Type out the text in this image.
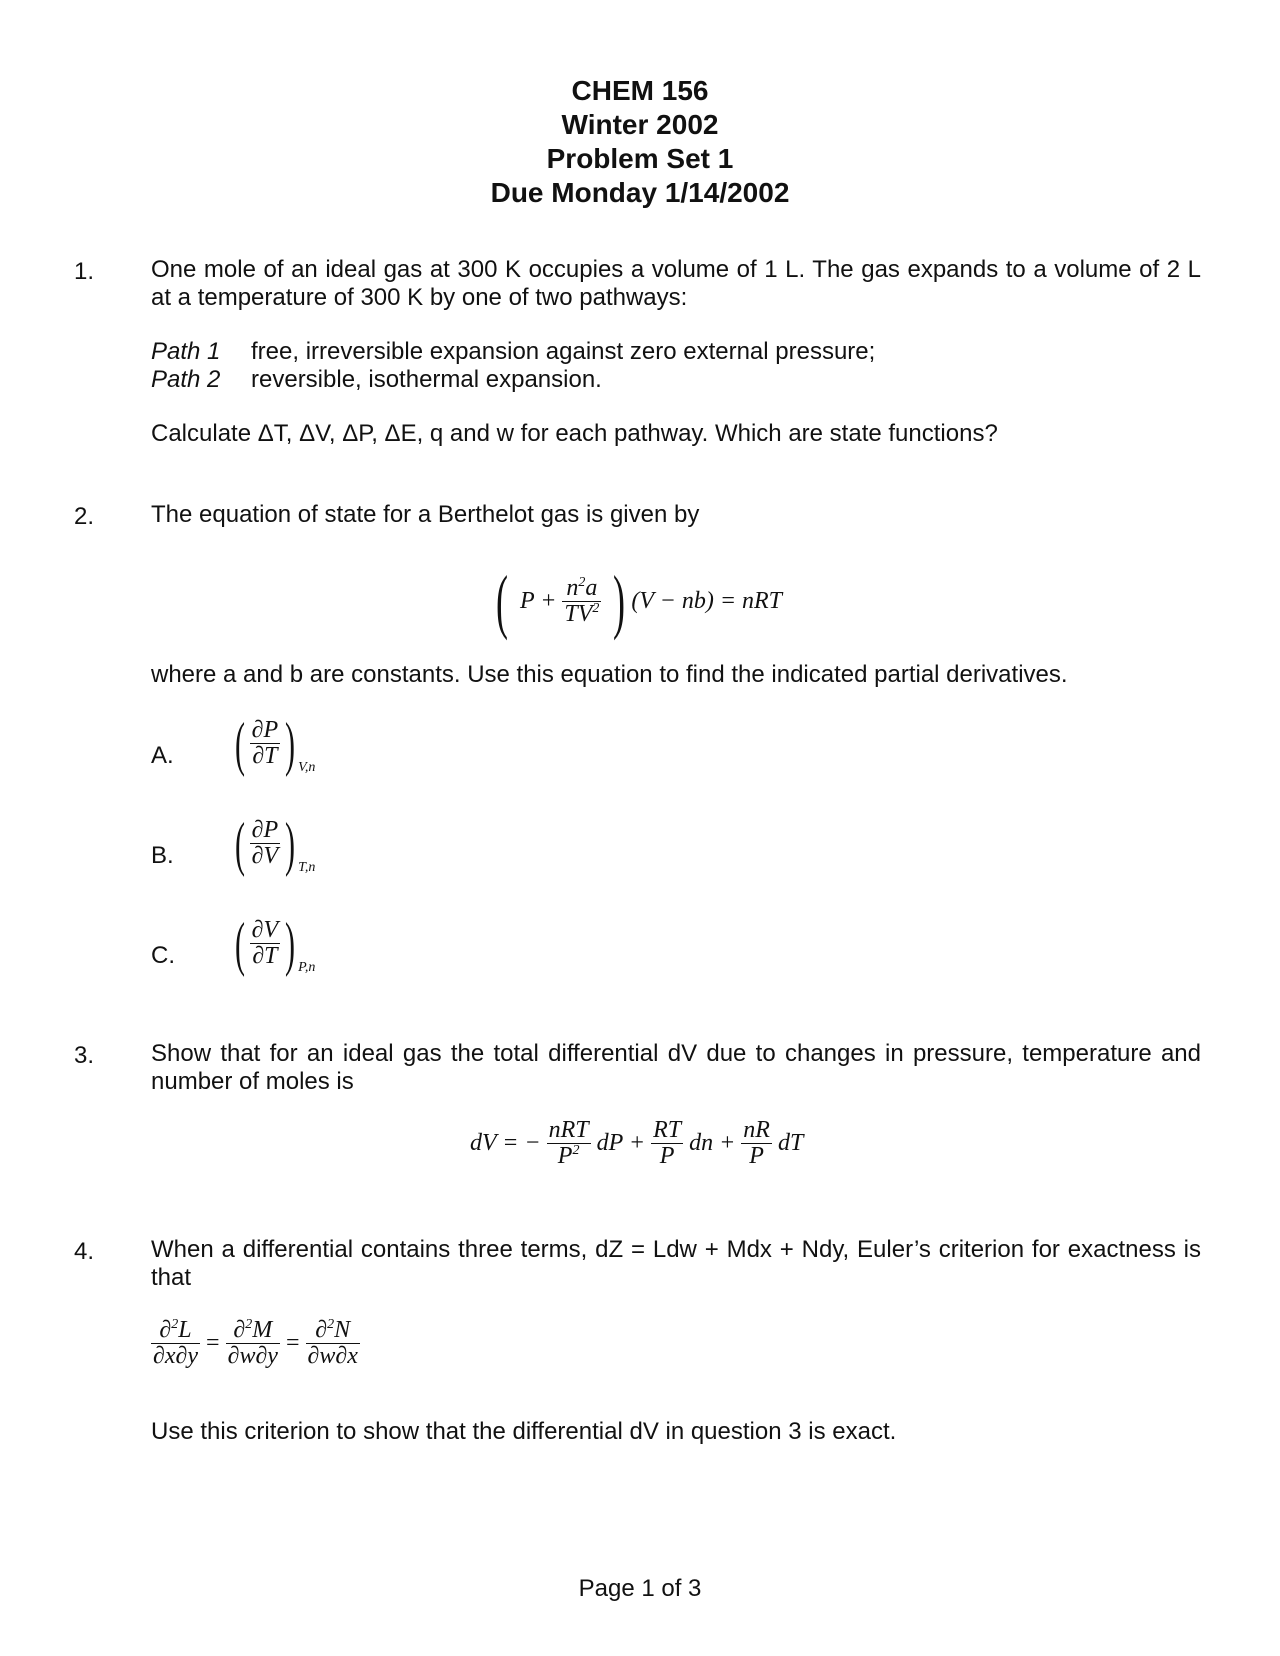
CHEM 156
Winter 2002
Problem Set 1
Due Monday 1/14/2002
1. One mole of an ideal gas at 300 K occupies a volume of 1 L. The gas expands to a volume of 2 L at a temperature of 300 K by one of two pathways:
Path 1	free, irreversible expansion against zero external pressure;
Path 2	reversible, isothermal expansion.
Calculate ΔT, ΔV, ΔP, ΔE, q and w for each pathway. Which are state functions?
2. The equation of state for a Berthelot gas is given by
( $P + \frac{n^2a}{TV^2}$ ) (V − nb) = nRT
where a and b are constants. Use this equation to find the indicated partial derivatives.
A. ( $\frac{\partial P}{\partial T}$ ) $_{V,n}$
B. ( $\frac{\partial P}{\partial V}$ ) $_{T,n}$
C. ( $\frac{\partial V}{\partial T}$ ) $_{P,n}$
3. Show that for an ideal gas the total differential dV due to changes in pressure, temperature and number of moles is
dV = − $\frac{\text{nRT}}{P^2}$ dP + $\frac{RT}{P}$ dn + $\frac{nR}{P}$ dT
4. When a differential contains three terms, dZ = Ldw + Mdx + Ndy, Euler’s criterion for exactness is that
$\frac{\partial^2L}{\partial x\partial y} = \frac{\partial^2M}{\partial w\partial y} = \frac{\partial^2N}{\partial w\partial x}$
Use this criterion to show that the differential dV in question 3 is exact.
Page 1 of 3
